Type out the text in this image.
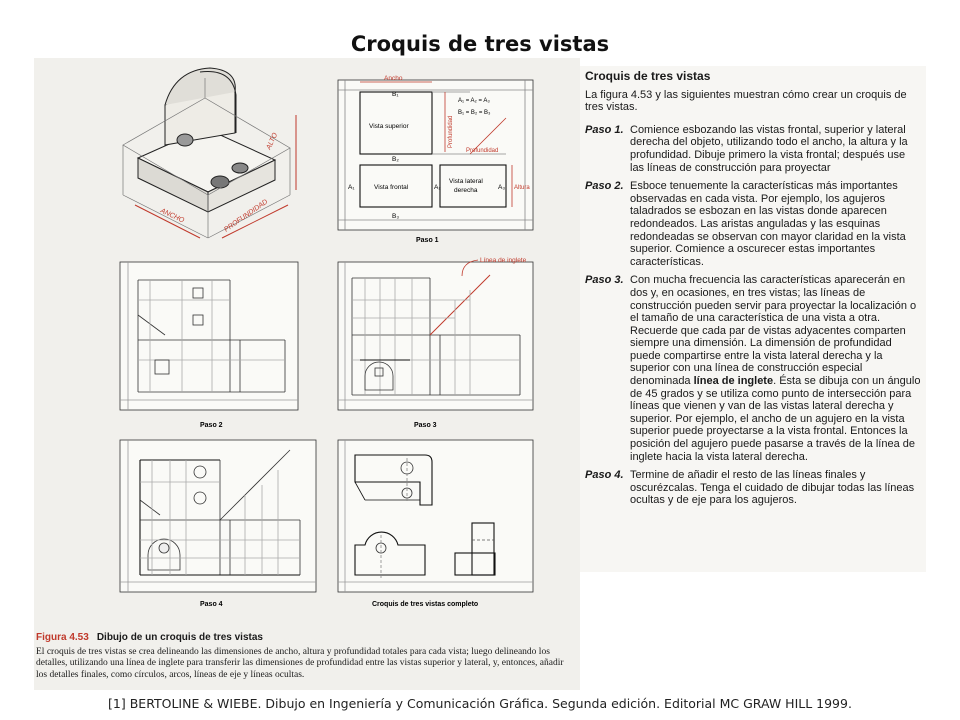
Croquis de tres vistas
ALTO
ANCHO	PROFUNDIDAD
Ancho
B₁
A₁ = A₂ = A₃
B₁ = B₂ = B₃
Vista superior	Profundidad
Profundidad
B₂
A₁	Vista frontal	A₂
Vista lateral
derecha	A₃ Altura
B₃
Paso 1
Paso 2
Línea de inglete
Paso 3
Paso 4	Croquis de tres vistas completo
Figura 4.53 Dibujo de un croquis de tres vistas
El croquis de tres vistas se crea delineando las dimensiones de ancho, altura y profundidad totales para cada vista; luego delineando los detalles, utilizando una línea de inglete para transferir las dimensiones de profundidad entre las vistas superior y lateral, y, entonces, añadir los detalles finales, como círculos, arcos, líneas de eje y líneas ocultas.
Croquis de tres vistas

La figura 4.53 y las siguientes muestran cómo crear un croquis de tres vistas.

Paso 1. Comience esbozando las vistas frontal, superior y lateral derecha del objeto, utilizando todo el ancho, la altura y la profundidad. Dibuje primero la vista frontal; después use las líneas de construcción para proyectar

Paso 2. Esboce tenuemente la características más importantes observadas en cada vista. Por ejemplo, los agujeros taladrados se esbozan en las vistas donde aparecen redondeados. Las aristas anguladas y las esquinas redondeadas se observan con mayor claridad en la vista superior. Comience a oscurecer estas importantes características.

Paso 3. Con mucha frecuencia las características aparecerán en dos y, en ocasiones, en tres vistas; las líneas de construcción pueden servir para proyectar la localización o el tamaño de una característica de una vista a otra. Recuerde que cada par de vistas adyacentes comparten siempre una dimensión. La dimensión de profundidad puede compartirse entre la vista lateral derecha y la superior con una línea de construcción especial denominada línea de inglete. Ésta se dibuja con un ángulo de 45 grados y se utiliza como punto de intersección para líneas que vienen y van de las vistas lateral derecha y superior. Por ejemplo, el ancho de un agujero en la vista superior puede proyectarse a la vista frontal. Entonces la posición del agujero puede pasarse a través de la línea de inglete hacia la vista lateral derecha.

Paso 4. Termine de añadir el resto de las líneas finales y oscurézcalas. Tenga el cuidado de dibujar todas las líneas ocultas y de eje para los agujeros.

[1] BERTOLINE & WIEBE. Dibujo en Ingeniería y Comunicación Gráfica. Segunda edición. Editorial MC GRAW HILL 1999.
